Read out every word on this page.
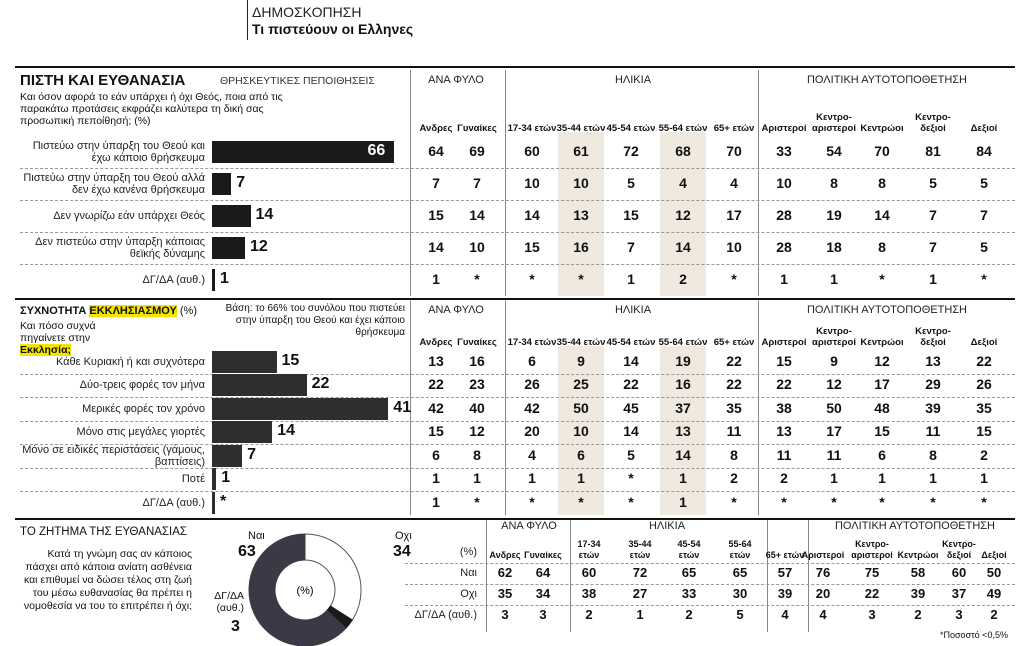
ΔΗΜΟΣΚΟΠΗΣΗ
Τι πιστεύουν οι Ελληνες
ΠΙΣΤΗ ΚΑΙ ΕΥΘΑΝΑΣΙΑ	ΘΡΗΣΚΕΥΤΙΚΕΣ ΠΕΠΟΙΘΗΣΕΙΣ
Και όσον αφορά το εάν υπάρχει ή όχι Θεός, ποια από τις παρακάτω προτάσεις εκφράζει καλύτερα τη δική σας προσωπική πεποίθησή; (%)
ΣΥΧΝΟΤΗΤΑ ΕΚΚΛΗΣΙΑΣΜΟΥ (%)
Και πόσο συχνά πηγαίνετε στην Εκκλησία;
Βάση: το 66% του συνόλου που πιστεύει στην ύπαρξη του Θεού και έχει κάποιο θρήσκευμα
ΤΟ ΖΗΤΗΜΑ ΤΗΣ ΕΥΘΑΝΑΣΙΑΣ
Κατά τη γνώμη σας αν κάποιος πάσχει από κάποια ανίατη ασθένεια και επιθυμεί να δώσει τέλος στη ζωή του μέσω ευθανασίας θα πρέπει η νομοθεσία να του το επιτρέπει ή όχι;
(%)
Ναι
63
Οχι
34
ΔΓ/ΔΑ (αυθ.)
3	*Ποσοστό <0,5%
ΑΝΑ ΦΥΛΟ	ΗΛΙΚΙΑ	ΠΟΛΙΤΙΚΗ ΑΥΤΟΤΟΠΟΘΕΤΗΣΗ
Ανδρες Γυναίκες	17-34 ετών 35-44 ετών 45-54 ετών 55-64 ετών 65+ ετών Αριστεροί
Κεντρο-αριστεροί Κεντρώοι
Κεντρο-δεξιοί	Δεξιοί
Πιστεύω στην ύπαρξη του Θεού και έχω κάποιο θρήσκευμα	66	64	69	60	61	72	68	70	33	54	70	81	84
Πιστεύω στην ύπαρξη του Θεού αλλά δεν έχω κανένα θρήσκευμα 7	7	7	10	10	5	4	4	10	8	8	5	5
Δεν γνωρίζω εάν υπάρχει Θεός	14	15	14	14	13	15	12	17	28	19	14	7	7
Δεν πιστεύω στην ύπαρξη κάποιας θεϊκής δύναμης	12	14	10	15	16	7	14	10	28	18	8	7	5
ΔΓ/ΔΑ (αυθ.) 1	1	*	*	*	1	2	*	1	1	*	1	*
ΑΝΑ ΦΥΛΟ	ΗΛΙΚΙΑ	ΠΟΛΙΤΙΚΗ ΑΥΤΟΤΟΠΟΘΕΤΗΣΗ
Ανδρες Γυναίκες	17-34 ετών 35-44 ετών 45-54 ετών 55-64 ετών 65+ ετών Αριστεροί
Κεντρο-αριστεροί Κεντρώοι
Κεντρο-δεξιοί	Δεξιοί
Κάθε Κυριακή ή και συχνότερα	15	13	16	6	9	14	19	22	15	9	12	13	22
Δύο-τρεις φορές τον μήνα	22	22	23	26	25	22	16	22	22	12	17	29	26
Μερικές φορές τον χρόνο	41	42	40	42	50	45	37	35	38	50	48	39	35
Μόνο στις μεγάλες γιορτές	14	15	12	20	10	14	13	11	13	17	15	11	15
Μόνο σε ειδικές περιστάσεις (γάμους, βαπτίσεις)	7	6	8	4	6	5	14	8	11	11	6	8	2
Ποτέ 1	1	1	1	1	*	1	2	2	1	1	1	1
ΔΓ/ΔΑ (αυθ.) *	1	*	*	*	*	1	*	*	*	*	*	*
ΑΝΑ ΦΥΛΟ	ΗΛΙΚΙΑ	ΠΟΛΙΤΙΚΗ ΑΥΤΟΤΟΠΟΘΕΤΗΣΗ
Ανδρες Γυναίκες
17-34 ετών
35-44 ετών
45-54 ετών
55-64 ετών	65+ ετών
Αριστεροί
Κεντρο-αριστεροί Κεντρώοι
Κεντρο-δεξιοί	Δεξιοί
(%)
Ναι	62	64	60	72	65	65	57	76	75	58	60	50
Οχι	35	34	38	27	33	30	39	20	22	39	37	49
ΔΓ/ΔΑ (αυθ.)	3	3	2	1	2	5	4	4	3	2	3	2
